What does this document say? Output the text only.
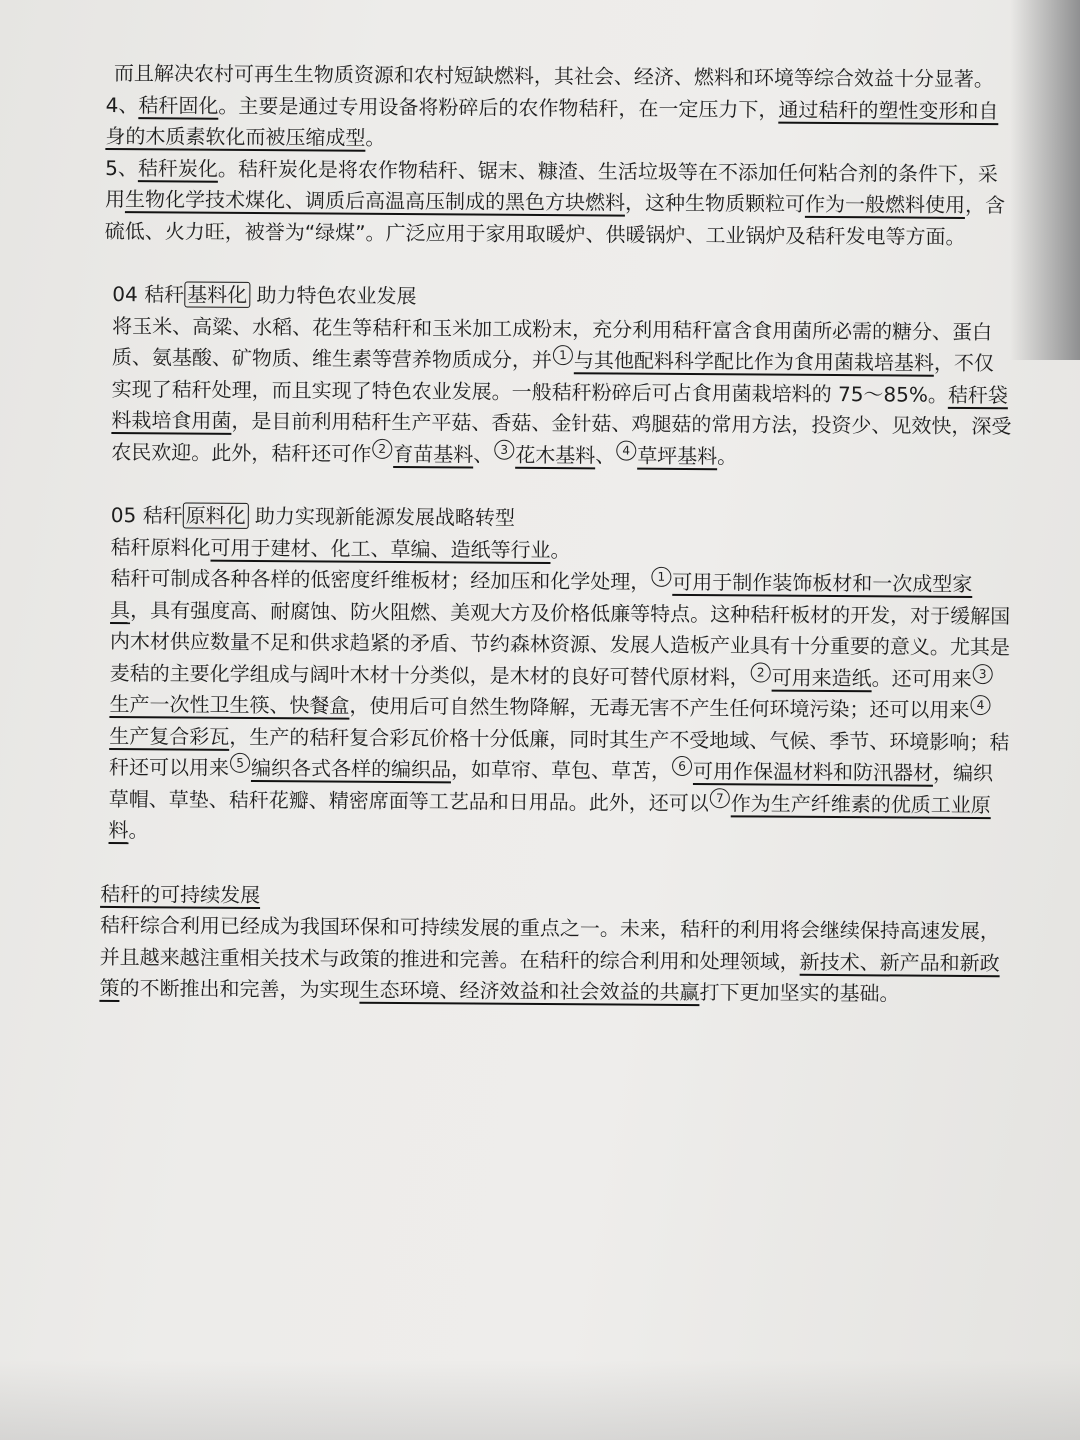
而且解决农村可再生生物质资源和农村短缺燃料，其社会、经济、燃料和环境等综合效益十分显著。

4、秸秆固化。主要是通过专用设备将粉碎后的农作物秸秆，在一定压力下，通过秸秆的塑性变形和自身的木质素软化而被压缩成型。

5、秸秆炭化。秸秆炭化是将农作物秸秆、锯末、糠渣、生活垃圾等在不添加任何粘合剂的条件下，采用生物化学技术煤化、调质后高温高压制成的黑色方块燃料，这种生物质颗粒可作为一般燃料使用，含硫低、火力旺，被誉为“绿煤”。广泛应用于家用取暖炉、供暖锅炉、工业锅炉及秸秆发电等方面。

04 秸秆 基料化 助力特色农业发展

将玉米、高粱、水稻、花生等秸秆和玉米加工成粉末，充分利用秸秆富含食用菌所必需的糖分、蛋白质、氨基酸、矿物质、维生素等营养物质成分，并 1 与其他配料科学配比作为食用菌栽培基料，不仅实现了秸秆处理，而且实现了特色农业发展。一般秸秆粉碎后可占食用菌栽培料的 75～85%。秸秆袋料栽培食用菌，是目前利用秸秆生产平菇、香菇、金针菇、鸡腿菇的常用方法，投资少、见效快，深受农民欢迎。此外，秸秆还可作 2 育苗基料、 3 花木基料、 4 草坪基料。

05 秸秆 原料化 助力实现新能源发展战略转型

秸秆原料化可用于建材、化工、草编、造纸等行业。

秸秆可制成各种各样的低密度纤维板材；经加压和化学处理， 1 可用于制作装饰板材和一次成型家具，具有强度高、耐腐蚀、防火阻燃、美观大方及价格低廉等特点。这种秸秆板材的开发，对于缓解国内木材供应数量不足和供求趋紧的矛盾、节约森林资源、发展人造板产业具有十分重要的意义。尤其是麦秸的主要化学组成与阔叶木材十分类似，是木材的良好可替代原材料， 2 可用来造纸。还可用来 3生产一次性卫生筷、快餐盒，使用后可自然生物降解，无毒无害不产生任何环境污染；还可以用来 4生产复合彩瓦，生产的秸秆复合彩瓦价格十分低廉，同时其生产不受地域、气候、季节、环境影响；秸秆还可以用来 5 编织各式各样的编织品，如草帘、草包、草苫， 6 可用作保温材料和防汛器材，编织草帽、草垫、秸秆花瓣、精密席面等工艺品和日用品。此外，还可以 7 作为生产纤维素的优质工业原料。

秸秆的可持续发展

秸秆综合利用已经成为我国环保和可持续发展的重点之一。未来，秸秆的利用将会继续保持高速发展，并且越来越注重相关技术与政策的推进和完善。在秸秆的综合利用和处理领域，新技术、新产品和新政策的不断推出和完善，为实现生态环境、经济效益和社会效益的共赢打下更加坚实的基础。
